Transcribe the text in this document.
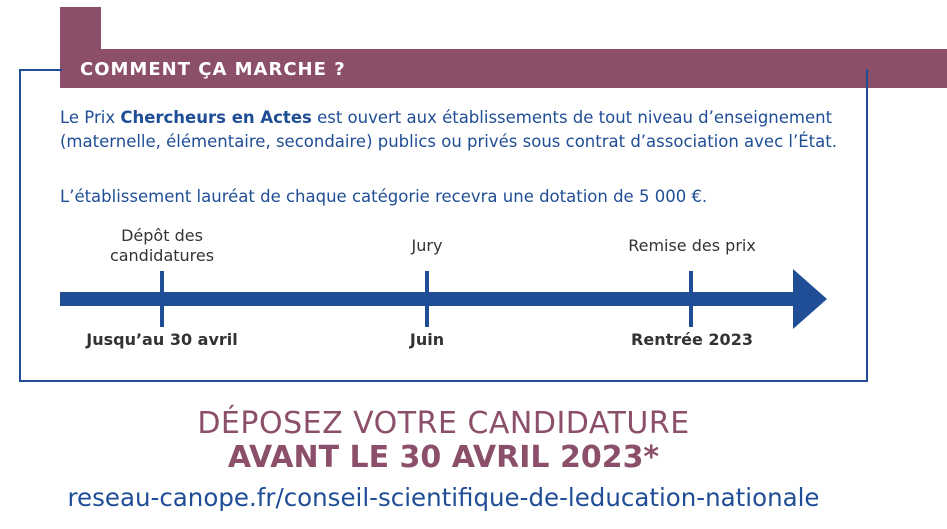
COMMENT ÇA MARCHE ?

Le Prix Chercheurs en Actes est ouvert aux établissements de tout niveau d’enseignement (maternelle, élémentaire, secondaire) publics ou privés sous contrat d’association avec l’État.

L’établissement lauréat de chaque catégorie recevra une dotation de 5 000 €.

Dépôt des
candidatures
Jury	Remise des prix
Jusqu’au 30 avril	Juin	Rentrée 2023
DÉPOSEZ VOTRE CANDIDATURE
AVANT LE 30 AVRIL 2023*
reseau-canope.fr/conseil-scientifique-de-leducation-nationale
